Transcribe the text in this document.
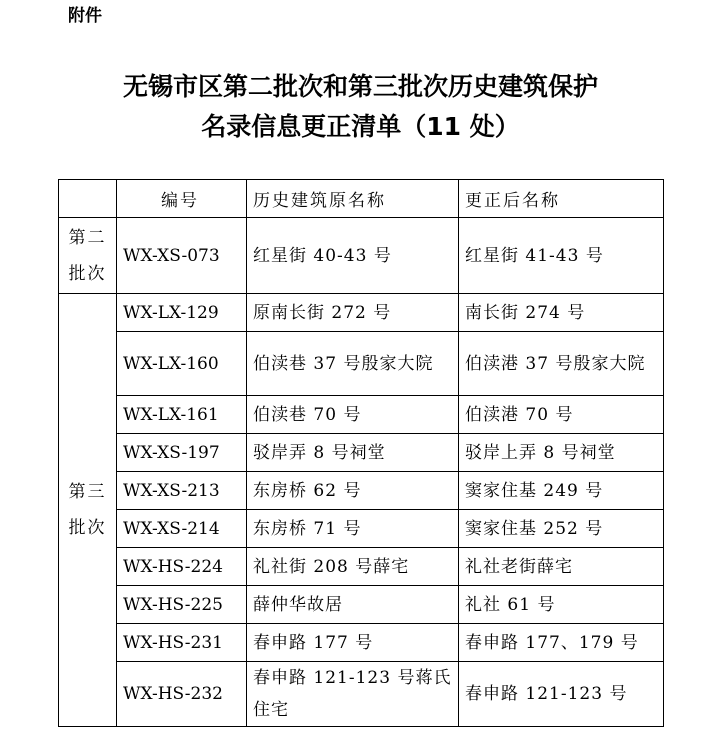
附件
无锡市区第二批次和第三批次历史建筑保护
名录信息更正清单（11 处）
	编号	历史建筑原名称	更正后名称

第二
批次	WX-XS-073	红星街 40-43 号	红星街 41-43 号

第三
批次	WX-LX-129	原南长街 272 号	南长街 274 号
	WX-LX-160	伯渎巷 37 号殷家大院	伯渎港 37 号殷家大院
	WX-LX-161	伯渎巷 70 号	伯渎港 70 号
	WX-XS-197	驳岸弄 8 号祠堂	驳岸上弄 8 号祠堂
	WX-XS-213	东房桥 62 号	窦家住基 249 号
	WX-XS-214	东房桥 71 号	窦家住基 252 号
	WX-HS-224	礼社街 208 号薛宅	礼社老街薛宅
	WX-HS-225	薛仲华故居	礼社 61 号
	WX-HS-231	春申路 177 号	春申路 177、179 号
	WX-HS-232	春申路 121-123 号蒋氏住宅	春申路 121-123 号
